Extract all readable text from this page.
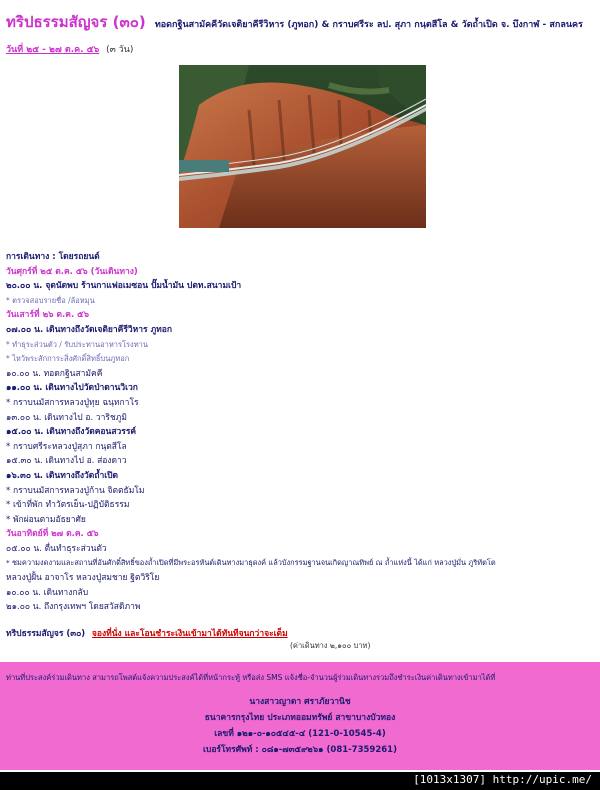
ทริปธรรมสัญจร (๓๐) ทอดกฐินสามัคคีวัดเจติยาคีรีวิหาร (ภูทอก) & กราบศรีระ ลป. สุภา กนฺตสีโล & วัดถ้ำเปิด จ. บึงกาฬ - สกลนคร
วันที่ ๒๕ - ๒๗ ต.ค. ๕๖ (๓ วัน)
การเดินทาง : โดยรถยนต์
วันศุกร์ที่ ๒๕ ต.ค. ๕๖ (วันเดินทาง)
๒๐.๐๐ น. จุดนัดพบ ร้านกาแฟอเมซอน ปั๊มน้ำมัน ปตท.สนามเป้า
* ตรวจสอบรายชื่อ /ล้อหมุน
วันเสาร์ที่ ๒๖ ต.ค. ๕๖
๐๗.๐๐ น. เดินทางถึงวัดเจติยาคีรีวิหาร ภูทอก
* ทำธุระส่วนตัว / รับประทานอาหารโรงทาน
* ไหว้พระสักการะสิ่งศักดิ์สิทธิ์บนภูทอก
๑๐.๐๐ น. ทอดกฐินสามัคคี
๑๑.๐๐ น. เดินทางไปวัดป่าดานวิเวก
* กราบนมัสการหลวงปู่ทุย ฉนฺทกาโร
๑๓.๐๐ น. เดินทางไป อ. วาริชภูมิ
๑๕.๐๐ น. เดินทางถึงวัดคอนสวรรค์
* กราบศรีระหลวงปู่สุภา กนฺตสีโล
๑๕.๓๐ น. เดินทางไป อ. ส่องดาว
๑๖.๓๐ น. เดินทางถึงวัดถ้ำเปิด
* กราบนมัสการหลวงปู่ก้าน จิตตธัมโม
* เข้าที่พัก ทำวัตรเย็น-ปฏิบัติธรรม
* พักผ่อนตามอัธยาศัย
วันอาทิตย์ที่ ๒๗ ต.ค. ๕๖
๐๕.๐๐ น. ตื่นทำธุระส่วนตัว
* ชมความงดงามและสถานที่อันศักดิ์สิทธิ์ของถ้ำเปิดที่มีพระอรหันต์เดินทางมาธุดงค์ แล้วบังกรรมฐานจนเกิดญาณทิพย์ ณ ถ้ำแห่งนี้ ได้แก่ หลวงปู่มั่น ภูริทัตโต
หลวงปู่ฝั้น อาจาโร หลวงปู่สมชาย ฐิตวิริโย
๑๐.๐๐ น. เดินทางกลับ
๒๑.๐๐ น. ถึงกรุงเทพฯ โดยสวัสดิภาพ
ทริปธรรมสัญจร (๓๐) จองที่นั่ง และโอนชำระเงินเข้ามาได้ทันทีจนกว่าจะเต็ม
(ค่าเดินทาง ๒,๑๐๐ บาท)
ท่านที่ประสงค์ร่วมเดินทาง สามารถโพสต์แจ้งความประสงค์ได้ที่หน้ากระทู้ หรือส่ง SMS แจ้งชื่อ-จำนวนผู้ร่วมเดินทางรวมถึงชำระเงินค่าเดินทางเข้ามาได้ที่
นางสาวญาดา ศราภัยวานิช
ธนาคารกรุงไทย ประเภทออมทรัพย์ สาขาบางบัวทอง
เลขที่ ๑๒๑-๐-๑๐๕๔๕-๔ (121-0-10545-4)
เบอร์โทรศัพท์ : ๐๘๑-๗๓๕๙๒๖๑ (081-7359261)
[1013x1307] http://upic.me/
